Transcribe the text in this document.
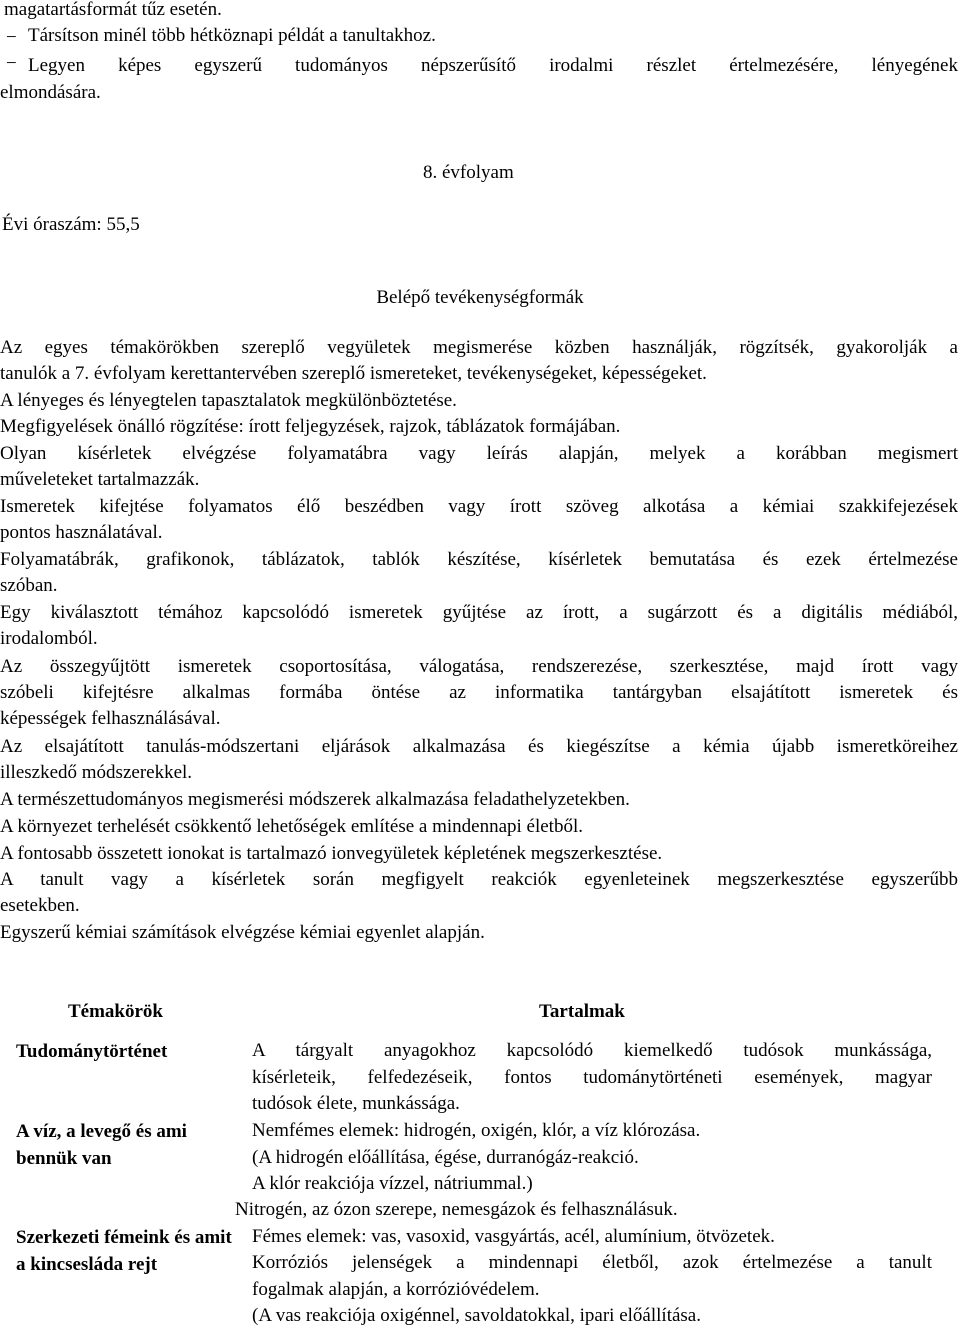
magatartásformát tűz esetén.
− Társítson minél több hétköznapi példát a tanultakhoz.
− Legyen képes egyszerű tudományos népszerűsítő irodalmi részlet értelmezésére, lényegének
elmondására.
8. évfolyam
Évi óraszám: 55,5
Belépő tevékenységformák
Az egyes témakörökben szereplő vegyületek megismerése közben használják, rögzítsék, gyakorolják a
tanulók a 7. évfolyam kerettantervében szereplő ismereteket, tevékenységeket, képességeket.
A lényeges és lényegtelen tapasztalatok megkülönböztetése.
Megfigyelések önálló rögzítése: írott feljegyzések, rajzok, táblázatok formájában.
Olyan kísérletek elvégzése folyamatábra vagy leírás alapján, melyek a korábban megismert
műveleteket tartalmazzák.
Ismeretek kifejtése folyamatos élő beszédben vagy írott szöveg alkotása a kémiai szakkifejezések
pontos használatával.
Folyamatábrák, grafikonok, táblázatok, tablók készítése, kísérletek bemutatása és ezek értelmezése
szóban.
Egy kiválasztott témához kapcsolódó ismeretek gyűjtése az írott, a sugárzott és a digitális médiából,
irodalomból.
Az összegyűjtött ismeretek csoportosítása, válogatása, rendszerezése, szerkesztése, majd írott vagy
szóbeli kifejtésre alkalmas formába öntése az informatika tantárgyban elsajátított ismeretek és
képességek felhasználásával.
Az elsajátított tanulás-módszertani eljárások alkalmazása és kiegészítse a kémia újabb ismeretköreihez
illeszkedő módszerekkel.
A természettudományos megismerési módszerek alkalmazása feladathelyzetekben.
A környezet terhelését csökkentő lehetőségek említése a mindennapi életből.
A fontosabb összetett ionokat is tartalmazó ionvegyületek képletének megszerkesztése.
A tanult vagy a kísérletek során megfigyelt reakciók egyenleteinek megszerkesztése egyszerűbb
esetekben.
Egyszerű kémiai számítások elvégzése kémiai egyenlet alapján.
Témakörök	Tartalmak
Tudománytörténet	A tárgyalt anyagokhoz kapcsolódó kiemelkedő tudósok munkássága,
kísérleteik, felfedezéseik, fontos tudománytörténeti események, magyar
tudósok élete, munkássága.
A víz, a levegő és ami bennük van
Nemfémes elemek: hidrogén, oxigén, klór, a víz klórozása.
(A hidrogén előállítása, égése, durranógáz-reakció.
A klór reakciója vízzel, nátriummal.)
Nitrogén, az ózon szerepe, nemesgázok és felhasználásuk.
Szerkezeti fémeink és amit a kincsesláda rejt
Fémes elemek: vas, vasoxid, vasgyártás, acél, alumínium, ötvözetek.
Korróziós jelenségek a mindennapi életből, azok értelmezése a tanult
fogalmak alapján, a korrózióvédelem.
(A vas reakciója oxigénnel, savoldatokkal, ipari előállítása.
